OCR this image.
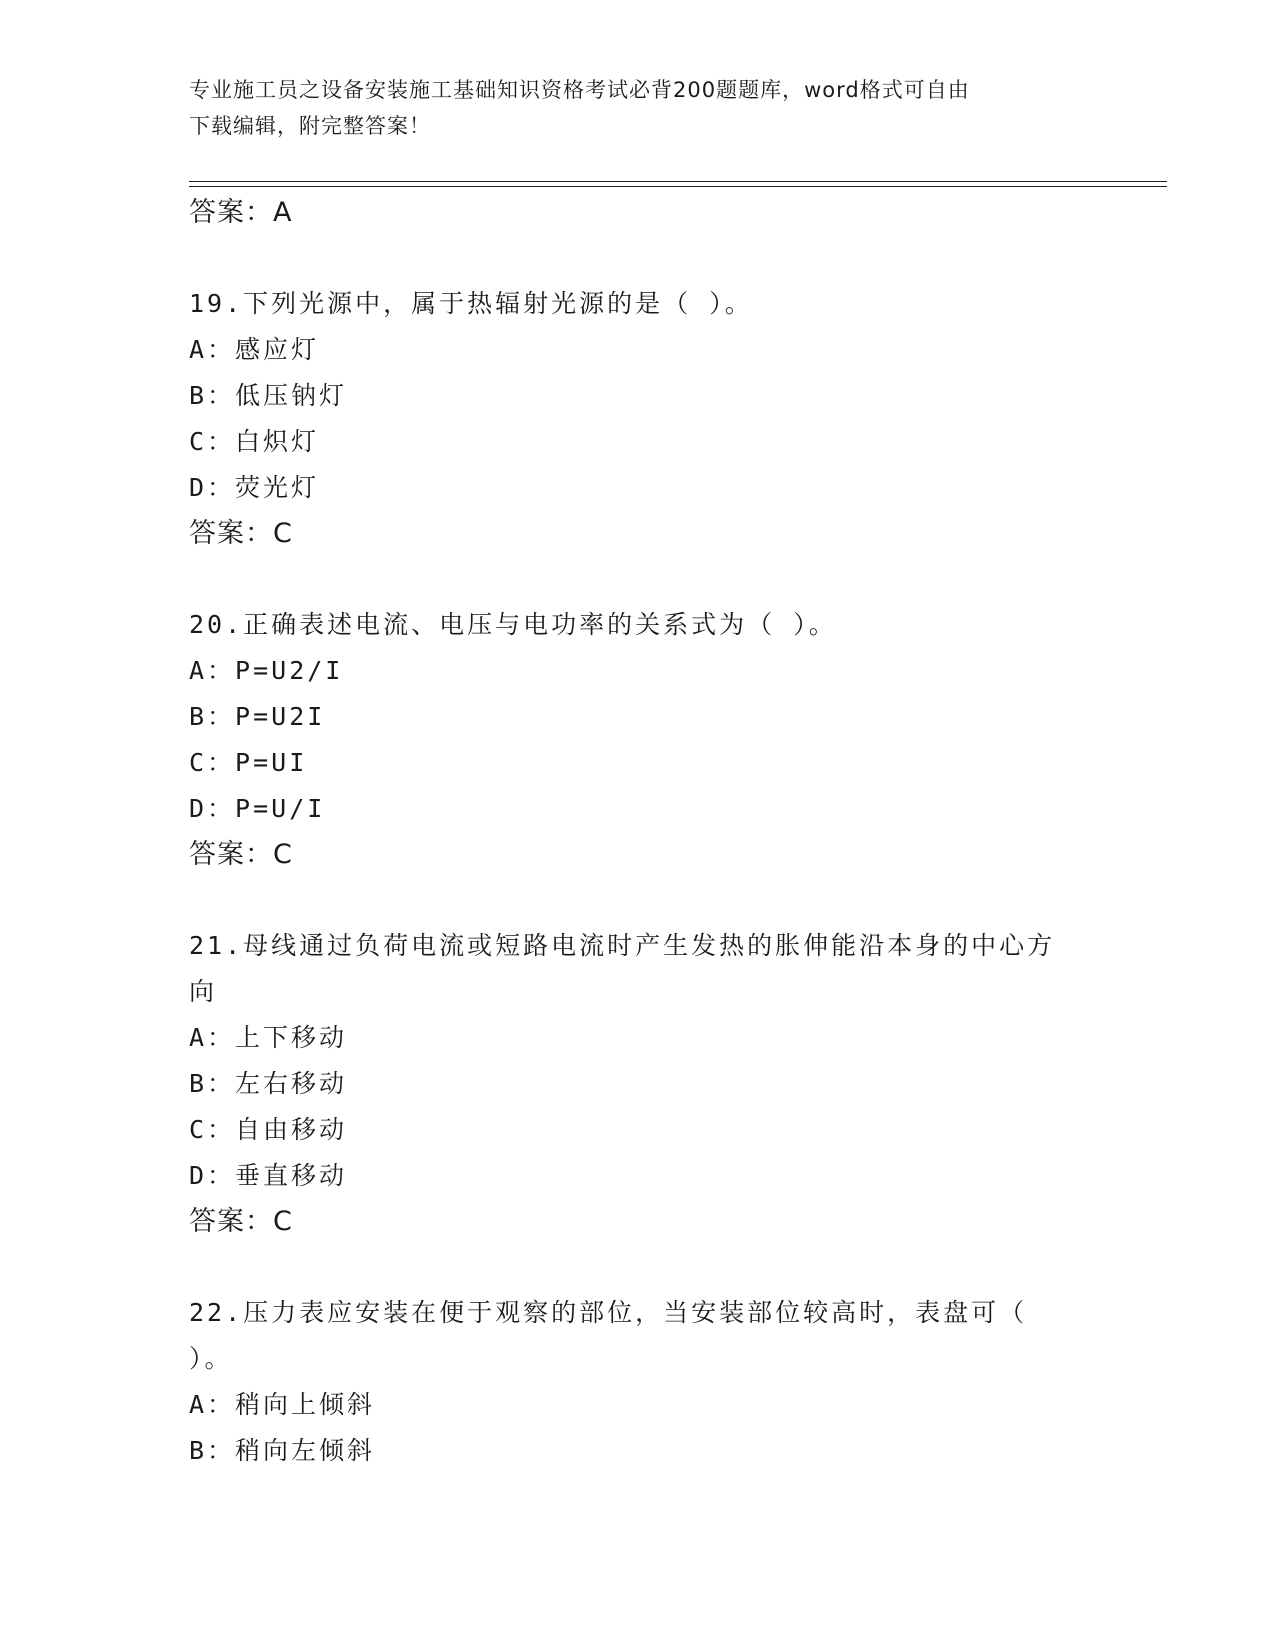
专业施工员之设备安装施工基础知识资格考试必背200题题库，word格式可自由
下载编辑，附完整答案！
答案：A
19.下列光源中，属于热辐射光源的是（ ）。
A：感应灯
B：低压钠灯
C：白炽灯
D：荧光灯
答案：C
20.正确表述电流、电压与电功率的关系式为（ ）。
A：P=U2/I
B：P=U2I
C：P=UI
D：P=U/I
答案：C
21.母线通过负荷电流或短路电流时产生发热的胀伸能沿本身的中心方
向
A：上下移动
B：左右移动
C：自由移动
D：垂直移动
答案：C
22.压力表应安装在便于观察的部位，当安装部位较高时，表盘可（
）。
A：稍向上倾斜
B：稍向左倾斜
